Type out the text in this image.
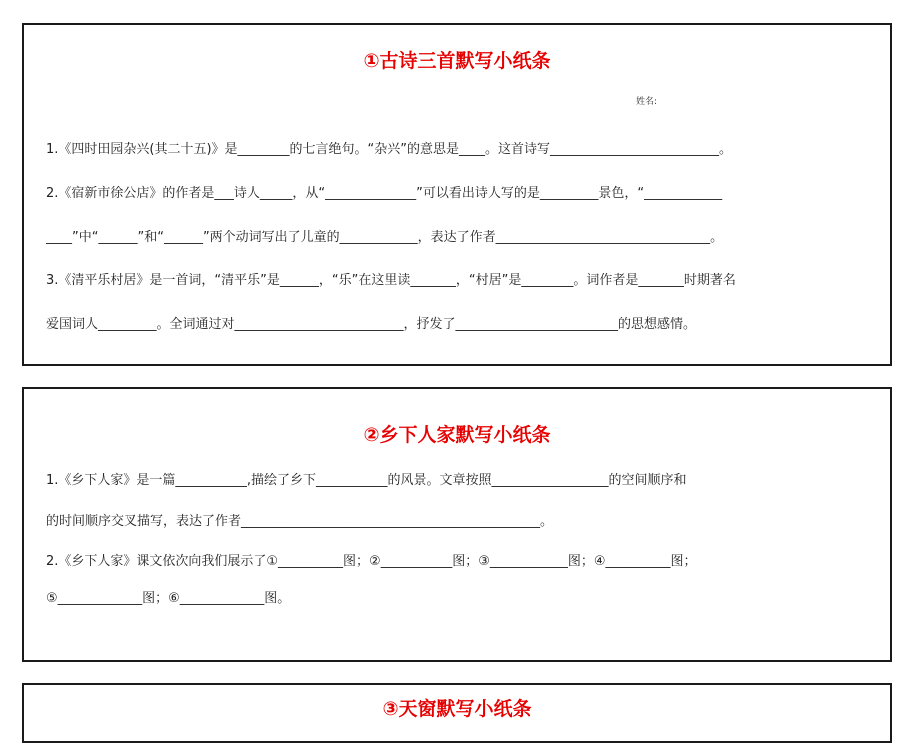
①古诗三首默写小纸条
姓名:
1.《四时田园杂兴(其二十五)》是________的七言绝句。“杂兴”的意思是____。这首诗写__________________________。
2.《宿新市徐公店》的作者是___诗人_____，从“______________”可以看出诗人写的是_________景色，“____________
____”中“______”和“______”两个动词写出了儿童的____________，表达了作者_________________________________。
3.《清平乐村居》是一首词，“清平乐”是______，“乐”在这里读_______，“村居”是________。词作者是_______时期著名
爱国词人_________。全词通过对__________________________，抒发了_________________________的思想感情。
②乡下人家默写小纸条
1.《乡下人家》是一篇___________,描绘了乡下___________的风景。文章按照__________________的空间顺序和
的时间顺序交叉描写，表达了作者______________________________________________。
2.《乡下人家》课文依次向我们展示了①__________图；②___________图；③____________图；④__________图；
⑤_____________图；⑥_____________图。
③天窗默写小纸条
